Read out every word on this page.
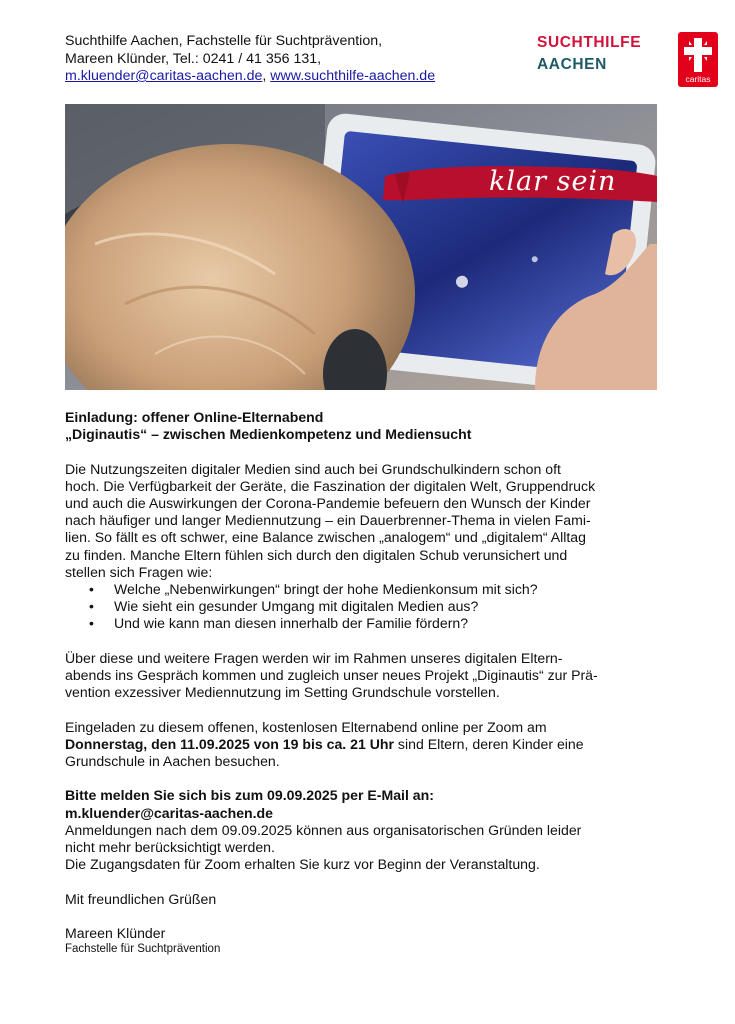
Suchthilfe Aachen, Fachstelle für Suchtprävention,
Mareen Klünder, Tel.: 0241 / 41 356 131,
m.kluender@caritas-aachen.de, www.suchthilfe-aachen.de
SUCHTHILFE
AACHEN
caritas
klar sein

Einladung: offener Online-Elternabend

„Diginautis“ – zwischen Medienkompetenz und Mediensucht

Die Nutzungszeiten digitaler Medien sind auch bei Grundschulkindern schon oft

hoch. Die Verfügbarkeit der Geräte, die Faszination der digitalen Welt, Gruppendruck

und auch die Auswirkungen der Corona-Pandemie befeuern den Wunsch der Kinder

nach häufiger und langer Mediennutzung – ein Dauerbrenner-Thema in vielen Fami-

lien. So fällt es oft schwer, eine Balance zwischen „analogem“ und „digitalem“ Alltag

zu finden. Manche Eltern fühlen sich durch den digitalen Schub verunsichert und

stellen sich Fragen wie:

• Welche „Nebenwirkungen“ bringt der hohe Medienkonsum mit sich?
• Wie sieht ein gesunder Umgang mit digitalen Medien aus?
• Und wie kann man diesen innerhalb der Familie fördern?

Über diese und weitere Fragen werden wir im Rahmen unseres digitalen Eltern-

abends ins Gespräch kommen und zugleich unser neues Projekt „Diginautis“ zur Prä-

vention exzessiver Mediennutzung im Setting Grundschule vorstellen.

Eingeladen zu diesem offenen, kostenlosen Elternabend online per Zoom am

Donnerstag, den 11.09.2025 von 19 bis ca. 21 Uhr sind Eltern, deren Kinder eine

Grundschule in Aachen besuchen.

Bitte melden Sie sich bis zum 09.09.2025 per E-Mail an:

m.kluender@caritas-aachen.de

Anmeldungen nach dem 09.09.2025 können aus organisatorischen Gründen leider

nicht mehr berücksichtigt werden.

Die Zugangsdaten für Zoom erhalten Sie kurz vor Beginn der Veranstaltung.

Mit freundlichen Grüßen

Mareen Klünder

Fachstelle für Suchtprävention
